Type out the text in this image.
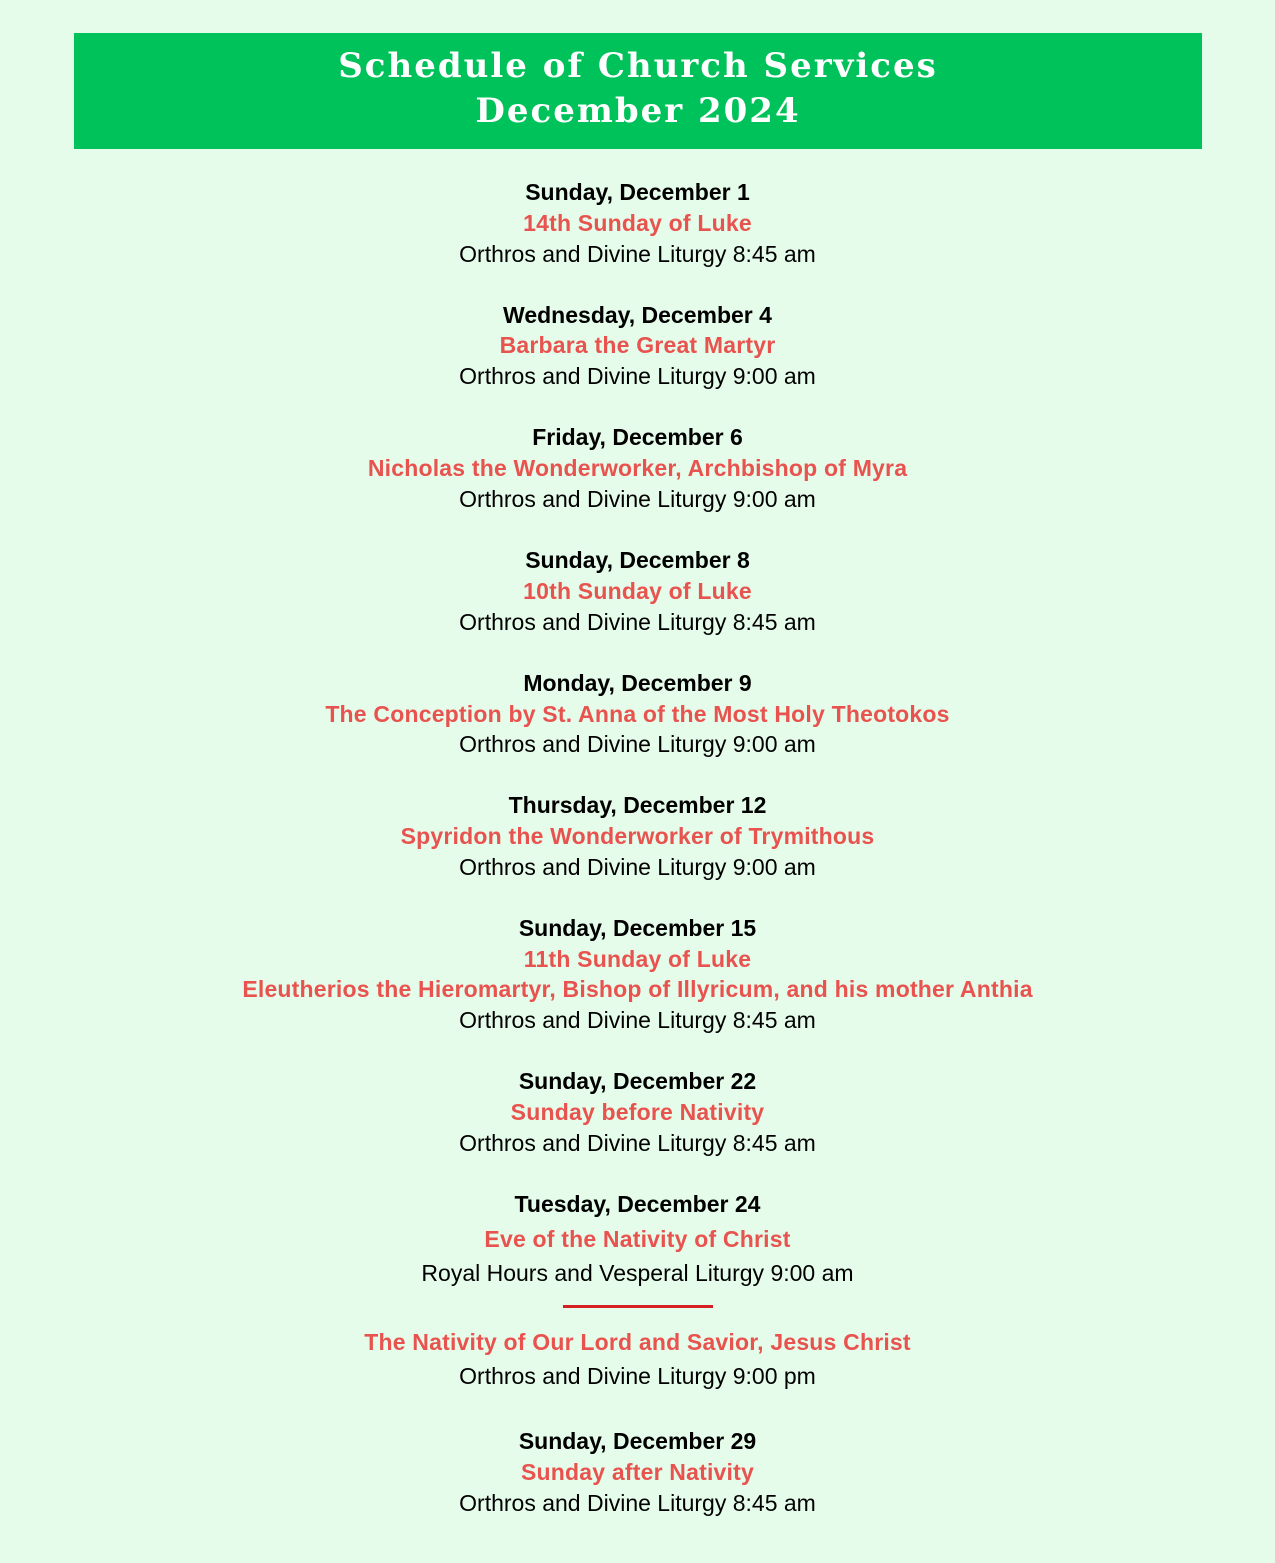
Schedule of Church Services
December 2024
Sunday, December 1
14th Sunday of Luke
Orthros and Divine Liturgy 8:45 am
Wednesday, December 4
Barbara the Great Martyr
Orthros and Divine Liturgy 9:00 am
Friday, December 6
Nicholas the Wonderworker, Archbishop of Myra
Orthros and Divine Liturgy 9:00 am
Sunday, December 8
10th Sunday of Luke
Orthros and Divine Liturgy 8:45 am
Monday, December 9
The Conception by St. Anna of the Most Holy Theotokos
Orthros and Divine Liturgy 9:00 am
Thursday, December 12
Spyridon the Wonderworker of Trymithous
Orthros and Divine Liturgy 9:00 am
Sunday, December 15
11th Sunday of Luke
Eleutherios the Hieromartyr, Bishop of Illyricum, and his mother Anthia
Orthros and Divine Liturgy 8:45 am
Sunday, December 22
Sunday before Nativity
Orthros and Divine Liturgy 8:45 am
Tuesday, December 24
Eve of the Nativity of Christ
Royal Hours and Vesperal Liturgy 9:00 am
The Nativity of Our Lord and Savior, Jesus Christ
Orthros and Divine Liturgy 9:00 pm
Sunday, December 29
Sunday after Nativity
Orthros and Divine Liturgy 8:45 am
